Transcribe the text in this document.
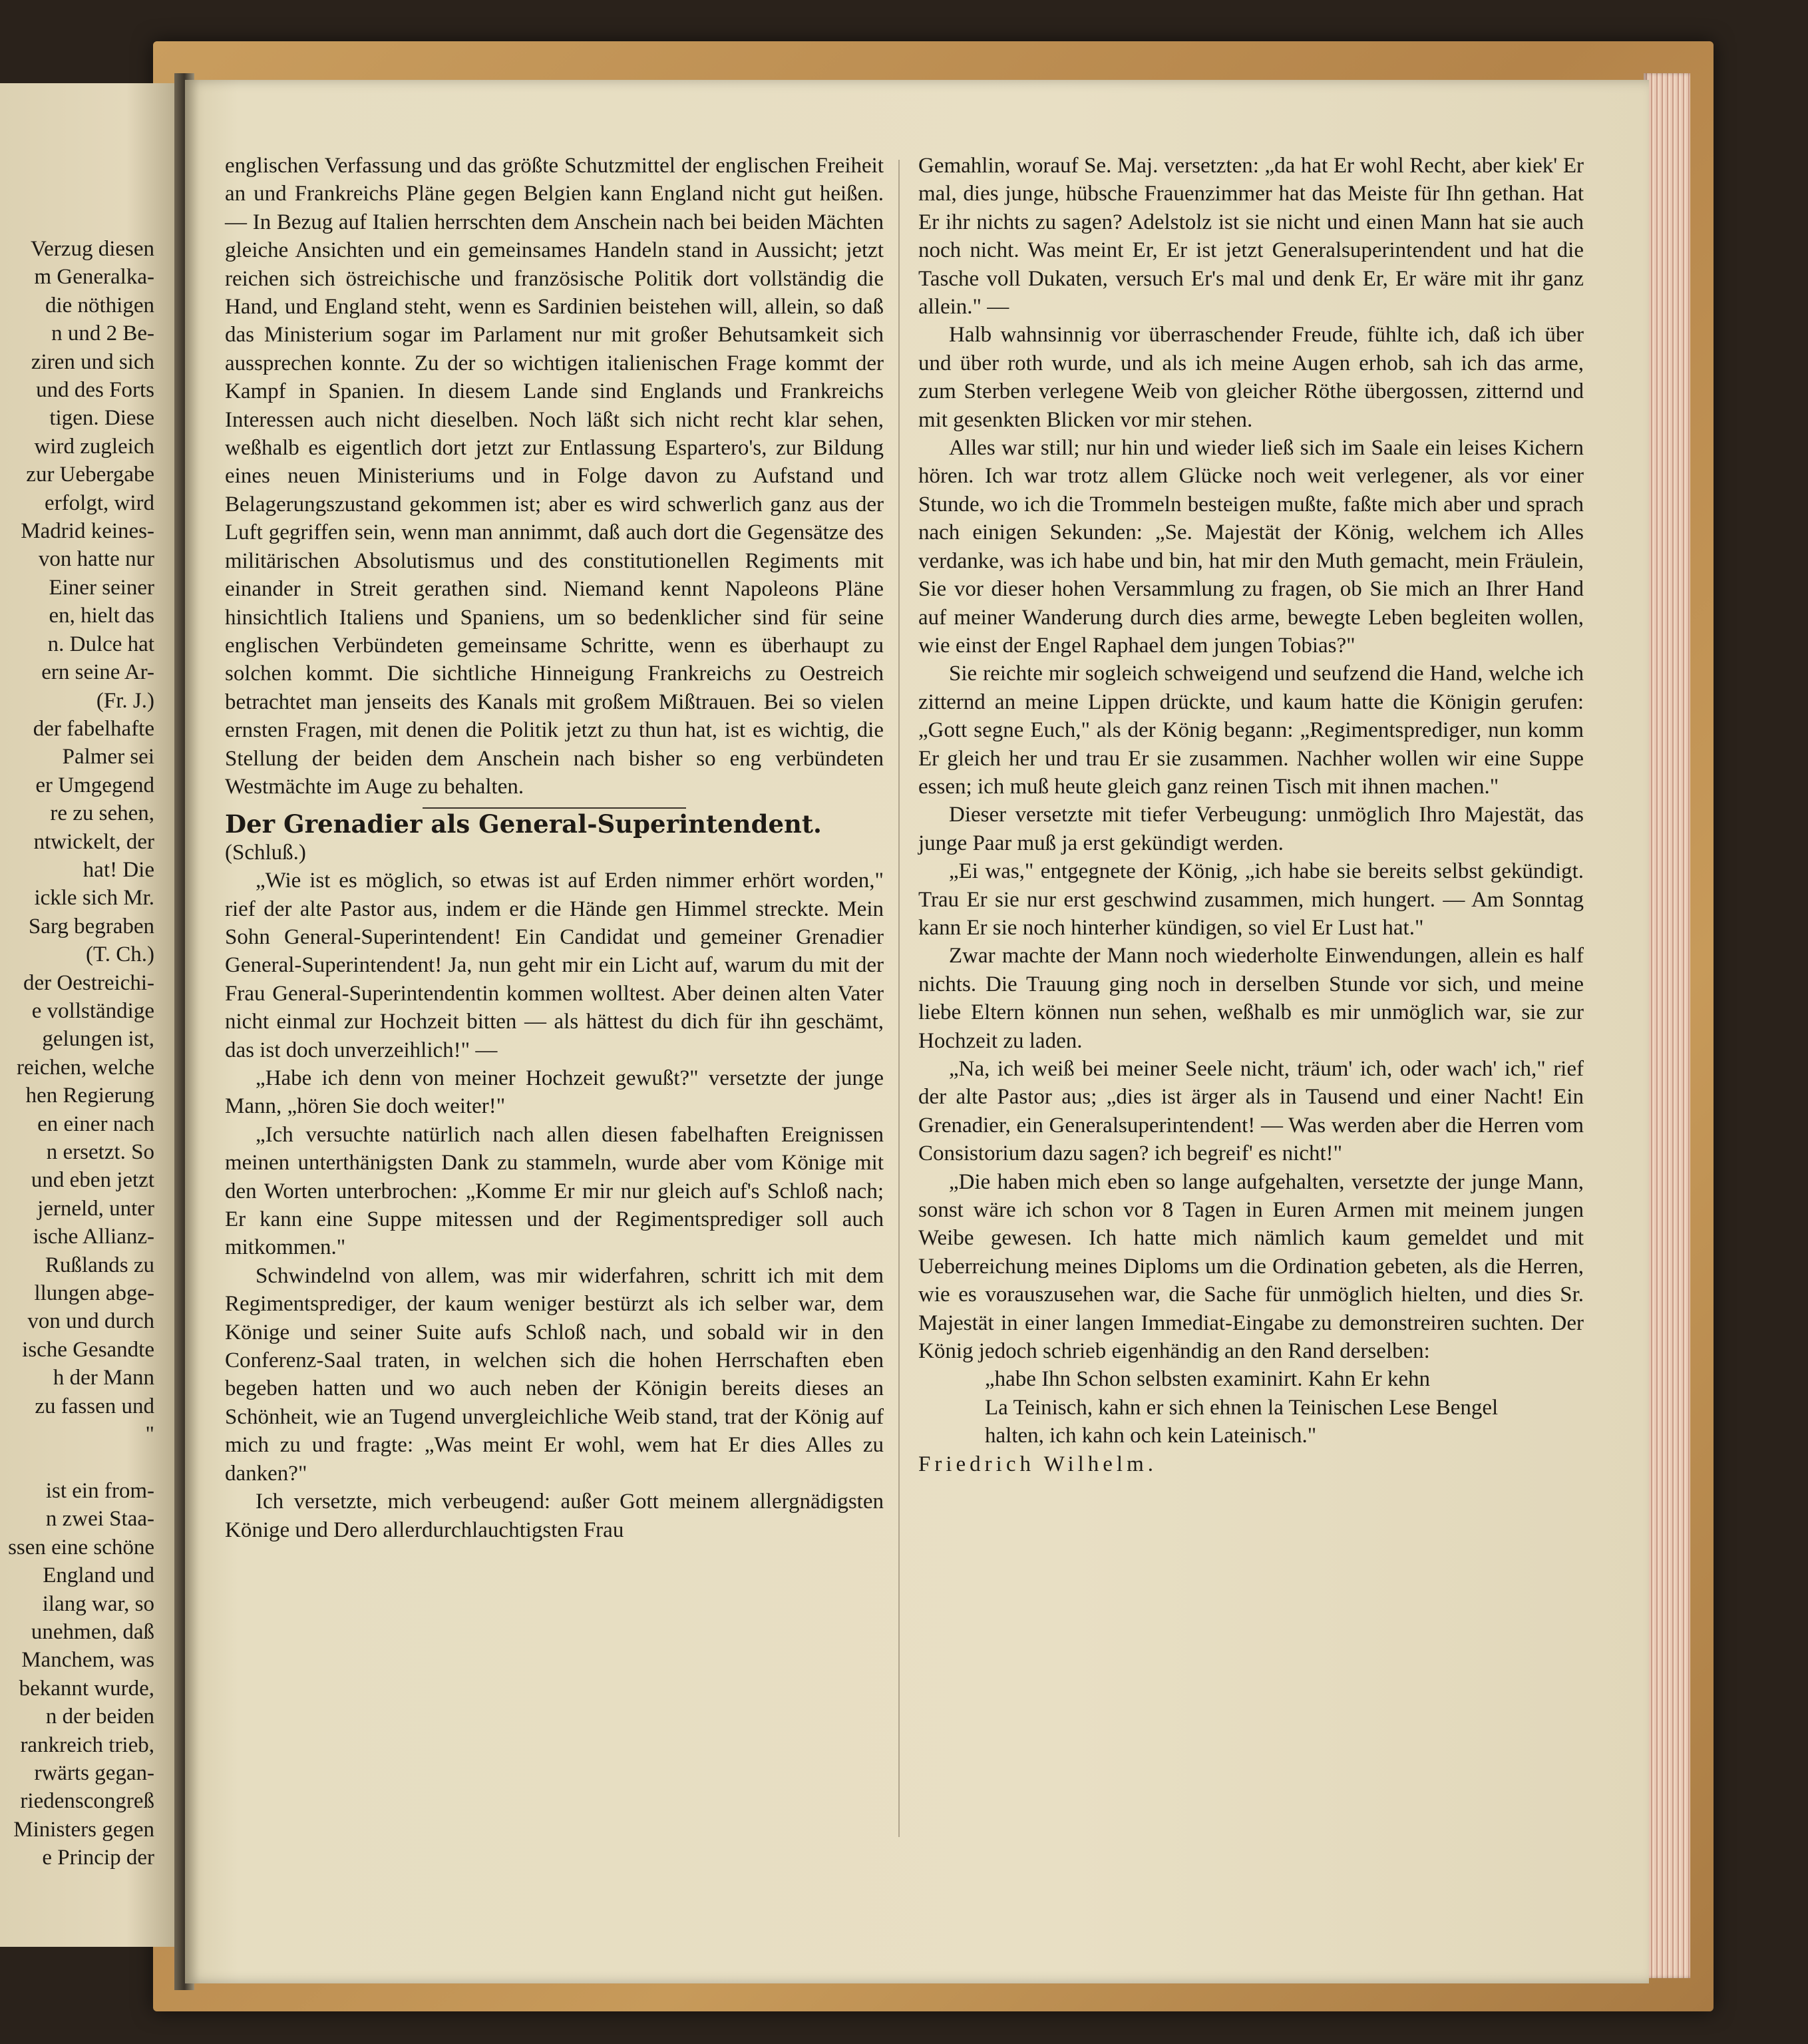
Verzug diesen
m Generalka-
die nöthigen
n und 2 Be-
ziren und sich
und des Forts
tigen. Diese
wird zugleich
zur Uebergabe
erfolgt, wird
Madrid keines-
von hatte nur
Einer seiner
en, hielt das
n. Dulce hat
ern seine Ar-
(Fr. J.)
der fabelhafte
Palmer sei
er Umgegend
re zu sehen,
ntwickelt, der
hat! Die
ickle sich Mr.
Sarg begraben
(T. Ch.)
der Oestreichi-
e vollständige
gelungen ist,
reichen, welche
hen Regierung
en einer nach
n ersetzt. So
und eben jetzt
jerneld, unter
ische Allianz-
Rußlands zu
llungen abge-
von und durch
ische Gesandte
h der Mann
zu fassen und
"

ist ein from-
n zwei Staa-
ssen eine schöne
England und
ilang war, so
unehmen, daß
Manchem, was
bekannt wurde,
n der beiden
rankreich trieb,
rwärts gegan-
riedenscongreß
Ministers gegen
e Princip der

englischen Verfassung und das größte Schutzmittel der englischen Freiheit an und Frankreichs Pläne gegen Belgien kann England nicht gut heißen. — In Bezug auf Italien herrschten dem Anschein nach bei beiden Mächten gleiche Ansichten und ein gemeinsames Handeln stand in Aussicht; jetzt reichen sich östreichische und französische Politik dort vollständig die Hand, und England steht, wenn es Sardinien beistehen will, allein, so daß das Ministerium sogar im Parlament nur mit großer Behutsamkeit sich aussprechen konnte. Zu der so wichtigen italienischen Frage kommt der Kampf in Spanien. In diesem Lande sind Englands und Frankreichs Interessen auch nicht dieselben. Noch läßt sich nicht recht klar sehen, weßhalb es eigentlich dort jetzt zur Entlassung Espartero's, zur Bildung eines neuen Ministeriums und in Folge davon zu Aufstand und Belagerungszustand gekommen ist; aber es wird schwerlich ganz aus der Luft gegriffen sein, wenn man annimmt, daß auch dort die Gegensätze des militärischen Absolutismus und des constitutionellen Regiments mit einander in Streit gerathen sind. Niemand kennt Napoleons Pläne hinsichtlich Italiens und Spaniens, um so bedenklicher sind für seine englischen Verbündeten gemeinsame Schritte, wenn es überhaupt zu solchen kommt. Die sichtliche Hinneigung Frankreichs zu Oestreich betrachtet man jenseits des Kanals mit großem Mißtrauen. Bei so vielen ernsten Fragen, mit denen die Politik jetzt zu thun hat, ist es wichtig, die Stellung der beiden dem Anschein nach bisher so eng verbündeten Westmächte im Auge zu behalten.

Der Grenadier als General-Superintendent.

(Schluß.)

„Wie ist es möglich, so etwas ist auf Erden nimmer erhört worden," rief der alte Pastor aus, indem er die Hände gen Himmel streckte. Mein Sohn General-Superintendent! Ein Candidat und gemeiner Grenadier General-Superintendent! Ja, nun geht mir ein Licht auf, warum du mit der Frau General-Superintendentin kommen wolltest. Aber deinen alten Vater nicht einmal zur Hochzeit bitten — als hättest du dich für ihn geschämt, das ist doch unverzeihlich!" —

„Habe ich denn von meiner Hochzeit gewußt?" versetzte der junge Mann, „hören Sie doch weiter!"

„Ich versuchte natürlich nach allen diesen fabelhaften Ereignissen meinen unterthänigsten Dank zu stammeln, wurde aber vom Könige mit den Worten unterbrochen: „Komme Er mir nur gleich auf's Schloß nach; Er kann eine Suppe mitessen und der Regimentsprediger soll auch mitkommen."

Schwindelnd von allem, was mir widerfahren, schritt ich mit dem Regimentsprediger, der kaum weniger bestürzt als ich selber war, dem Könige und seiner Suite aufs Schloß nach, und sobald wir in den Conferenz-Saal traten, in welchen sich die hohen Herrschaften eben begeben hatten und wo auch neben der Königin bereits dieses an Schönheit, wie an Tugend unvergleichliche Weib stand, trat der König auf mich zu und fragte: „Was meint Er wohl, wem hat Er dies Alles zu danken?"

Ich versetzte, mich verbeugend: außer Gott meinem allergnädigsten Könige und Dero allerdurchlauchtigsten Frau

Gemahlin, worauf Se. Maj. versetzten: „da hat Er wohl Recht, aber kiek' Er mal, dies junge, hübsche Frauenzimmer hat das Meiste für Ihn gethan. Hat Er ihr nichts zu sagen? Adelstolz ist sie nicht und einen Mann hat sie auch noch nicht. Was meint Er, Er ist jetzt Generalsuperintendent und hat die Tasche voll Dukaten, versuch Er's mal und denk Er, Er wäre mit ihr ganz allein." —

Halb wahnsinnig vor überraschender Freude, fühlte ich, daß ich über und über roth wurde, und als ich meine Augen erhob, sah ich das arme, zum Sterben verlegene Weib von gleicher Röthe übergossen, zitternd und mit gesenkten Blicken vor mir stehen.

Alles war still; nur hin und wieder ließ sich im Saale ein leises Kichern hören. Ich war trotz allem Glücke noch weit verlegener, als vor einer Stunde, wo ich die Trommeln besteigen mußte, faßte mich aber und sprach nach einigen Sekunden: „Se. Majestät der König, welchem ich Alles verdanke, was ich habe und bin, hat mir den Muth gemacht, mein Fräulein, Sie vor dieser hohen Versammlung zu fragen, ob Sie mich an Ihrer Hand auf meiner Wanderung durch dies arme, bewegte Leben begleiten wollen, wie einst der Engel Raphael dem jungen Tobias?"

Sie reichte mir sogleich schweigend und seufzend die Hand, welche ich zitternd an meine Lippen drückte, und kaum hatte die Königin gerufen: „Gott segne Euch," als der König begann: „Regimentsprediger, nun komm Er gleich her und trau Er sie zusammen. Nachher wollen wir eine Suppe essen; ich muß heute gleich ganz reinen Tisch mit ihnen machen."

Dieser versetzte mit tiefer Verbeugung: unmöglich Ihro Majestät, das junge Paar muß ja erst gekündigt werden.

„Ei was," entgegnete der König, „ich habe sie bereits selbst gekündigt. Trau Er sie nur erst geschwind zusammen, mich hungert. — Am Sonntag kann Er sie noch hinterher kündigen, so viel Er Lust hat."

Zwar machte der Mann noch wiederholte Einwendungen, allein es half nichts. Die Trauung ging noch in derselben Stunde vor sich, und meine liebe Eltern können nun sehen, weßhalb es mir unmöglich war, sie zur Hochzeit zu laden.

„Na, ich weiß bei meiner Seele nicht, träum' ich, oder wach' ich," rief der alte Pastor aus; „dies ist ärger als in Tausend und einer Nacht! Ein Grenadier, ein Generalsuperintendent! — Was werden aber die Herren vom Consistorium dazu sagen? ich begreif' es nicht!"

„Die haben mich eben so lange aufgehalten, versetzte der junge Mann, sonst wäre ich schon vor 8 Tagen in Euren Armen mit meinem jungen Weibe gewesen. Ich hatte mich nämlich kaum gemeldet und mit Ueberreichung meines Diploms um die Ordination gebeten, als die Herren, wie es vorauszusehen war, die Sache für unmöglich hielten, und dies Sr. Majestät in einer langen Immediat-Eingabe zu demonstreiren suchten. Der König jedoch schrieb eigenhändig an den Rand derselben:

„habe Ihn Schon selbsten examinirt. Kahn Er kehn

La Teinisch, kahn er sich ehnen la Teinischen Lese Bengel

halten, ich kahn och kein Lateinisch."

Friedrich Wilhelm.
